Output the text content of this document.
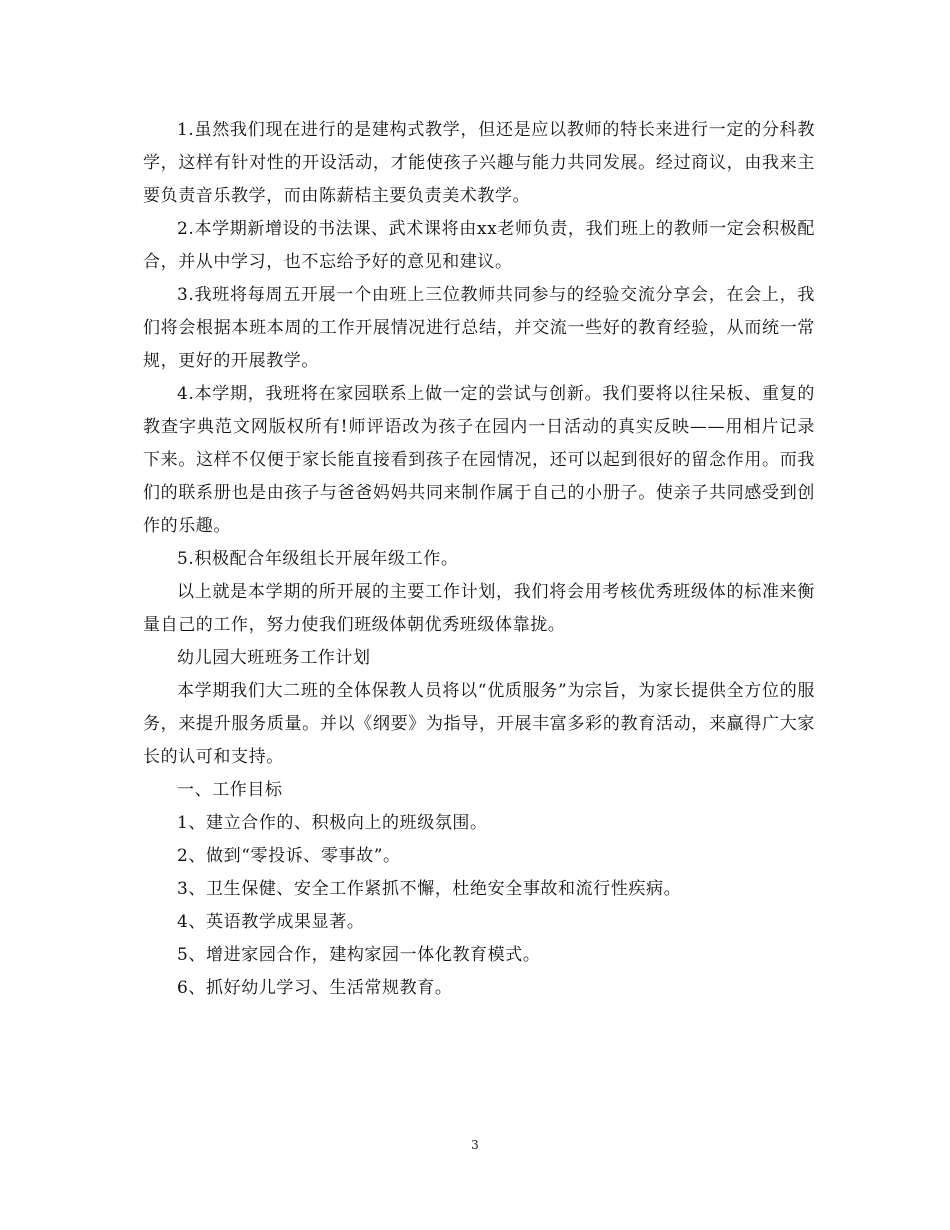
1.虽然我们现在进行的是建构式教学，但还是应以教师的特长来进行一定的分科教学，这样有针对性的开设活动，才能使孩子兴趣与能力共同发展。经过商议，由我来主要负责音乐教学，而由陈薪桔主要负责美术教学。

2.本学期新增设的书法课、武术课将由xx老师负责，我们班上的教师一定会积极配合，并从中学习，也不忘给予好的意见和建议。

3.我班将每周五开展一个由班上三位教师共同参与的经验交流分享会，在会上，我们将会根据本班本周的工作开展情况进行总结，并交流一些好的教育经验，从而统一常规，更好的开展教学。

4.本学期，我班将在家园联系上做一定的尝试与创新。我们要将以往呆板、重复的教查字典范文网版权所有!师评语改为孩子在园内一日活动的真实反映——用相片记录下来。这样不仅便于家长能直接看到孩子在园情况，还可以起到很好的留念作用。而我们的联系册也是由孩子与爸爸妈妈共同来制作属于自己的小册子。使亲子共同感受到创作的乐趣。

5.积极配合年级组长开展年级工作。

以上就是本学期的所开展的主要工作计划，我们将会用考核优秀班级体的标准来衡量自己的工作，努力使我们班级体朝优秀班级体靠拢。

幼儿园大班班务工作计划

本学期我们大二班的全体保教人员将以“优质服务”为宗旨，为家长提供全方位的服务，来提升服务质量。并以《纲要》为指导，开展丰富多彩的教育活动，来赢得广大家长的认可和支持。

一、工作目标

1、建立合作的、积极向上的班级氛围。

2、做到“零投诉、零事故”。

3、卫生保健、安全工作紧抓不懈，杜绝安全事故和流行性疾病。

4、英语教学成果显著。

5、增进家园合作，建构家园一体化教育模式。

6、抓好幼儿学习、生活常规教育。

3
